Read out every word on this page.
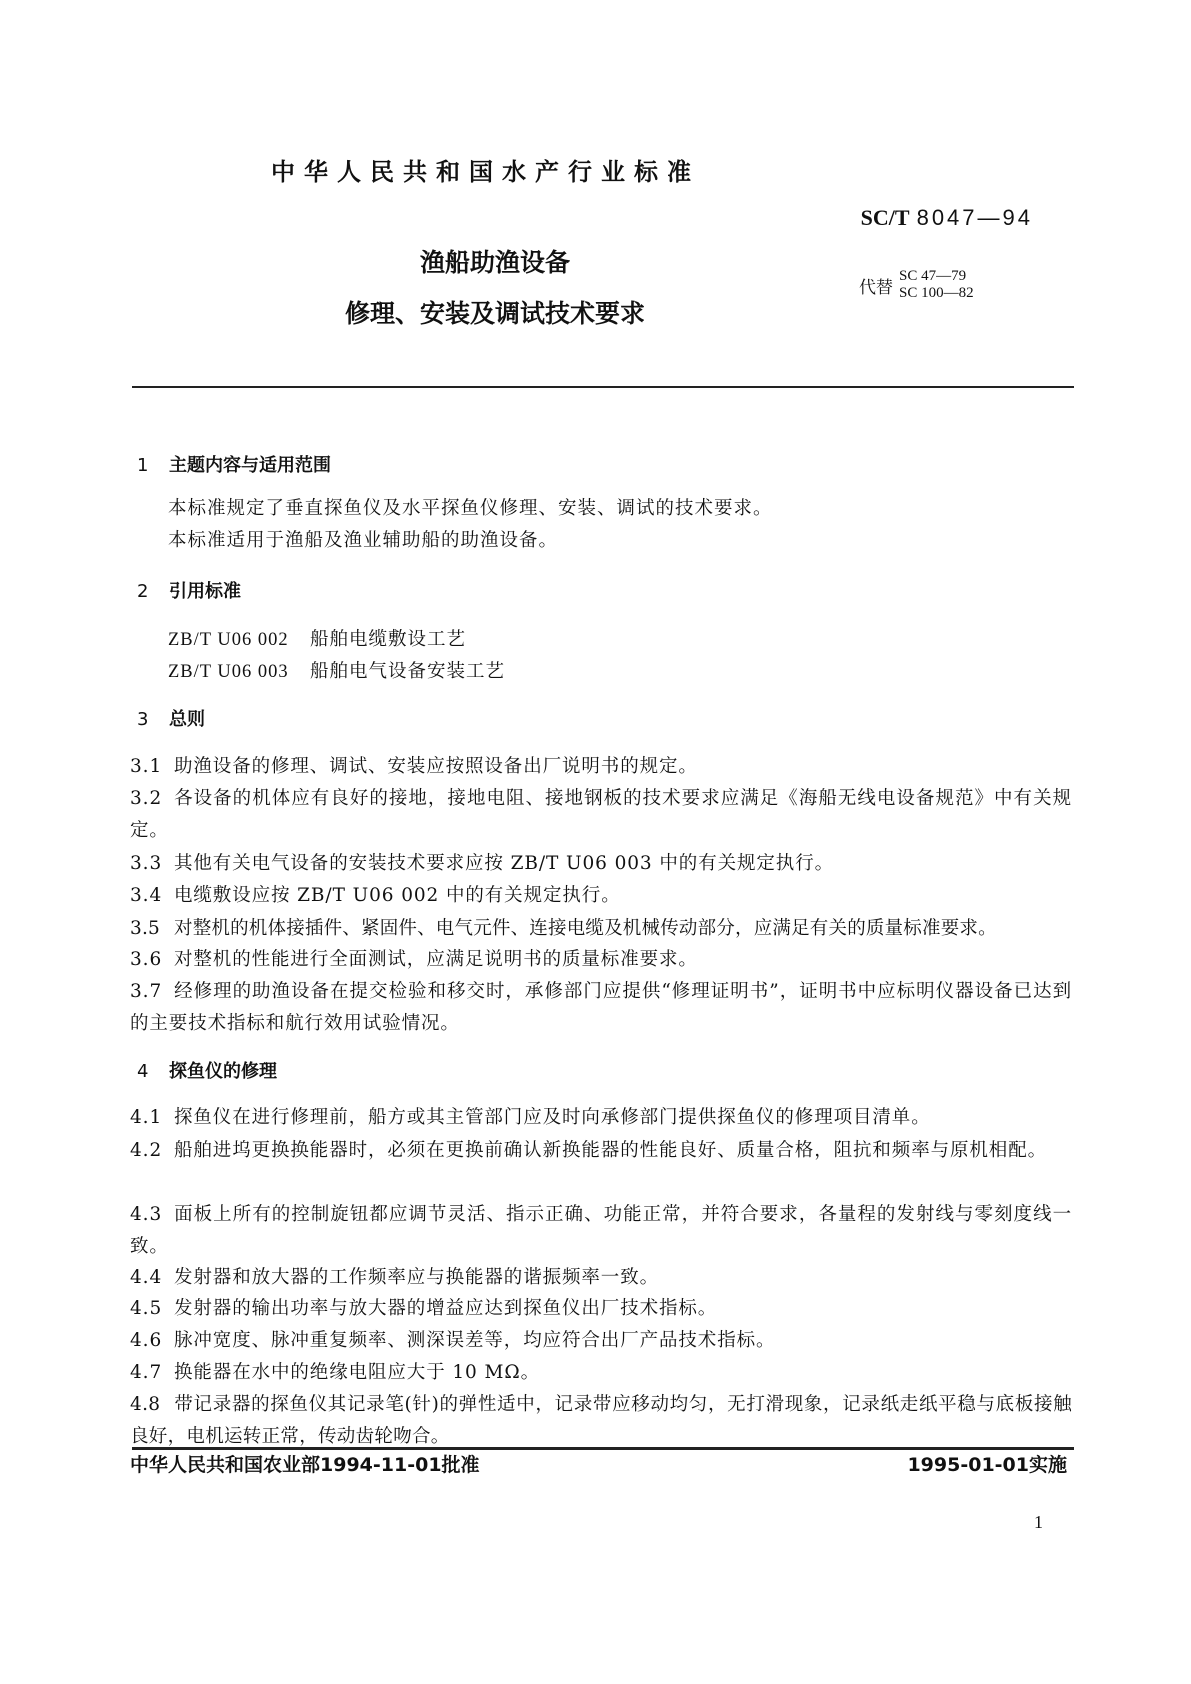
中华人民共和国水产行业标准
SC/T 8047—94
渔船助渔设备
修理、安装及调试技术要求
代替
SC 47—79
SC 100—82
1 主题内容与适用范围
本标准规定了垂直探鱼仪及水平探鱼仪修理、安装、调试的技术要求。
本标准适用于渔船及渔业辅助船的助渔设备。
2 引用标准
ZB/T U06 002 船舶电缆敷设工艺
ZB/T U06 003 船舶电气设备安装工艺
3 总则
3.1 助渔设备的修理、调试、安装应按照设备出厂说明书的规定。
3.2 各设备的机体应有良好的接地，接地电阻、接地钢板的技术要求应满足《海船无线电设备规范》中有关规定。
3.3 其他有关电气设备的安装技术要求应按 ZB/T U06 003 中的有关规定执行。
3.4 电缆敷设应按 ZB/T U06 002 中的有关规定执行。
3.5 对整机的机体接插件、紧固件、电气元件、连接电缆及机械传动部分，应满足有关的质量标准要求。
3.6 对整机的性能进行全面测试，应满足说明书的质量标准要求。
3.7 经修理的助渔设备在提交检验和移交时，承修部门应提供“修理证明书”，证明书中应标明仪器设备已达到的主要技术指标和航行效用试验情况。
4 探鱼仪的修理
4.1 探鱼仪在进行修理前，船方或其主管部门应及时向承修部门提供探鱼仪的修理项目清单。
4.2 船舶进坞更换换能器时，必须在更换前确认新换能器的性能良好、质量合格，阻抗和频率与原机相配。
4.3 面板上所有的控制旋钮都应调节灵活、指示正确、功能正常，并符合要求，各量程的发射线与零刻度线一致。
4.4 发射器和放大器的工作频率应与换能器的谐振频率一致。
4.5 发射器的输出功率与放大器的增益应达到探鱼仪出厂技术指标。
4.6 脉冲宽度、脉冲重复频率、测深误差等，均应符合出厂产品技术指标。
4.7 换能器在水中的绝缘电阻应大于 10 MΩ。
4.8 带记录器的探鱼仪其记录笔(针)的弹性适中，记录带应移动均匀，无打滑现象，记录纸走纸平稳与底板接触良好，电机运转正常，传动齿轮吻合。
中华人民共和国农业部1994-11-01批准	1995-01-01实施
1
